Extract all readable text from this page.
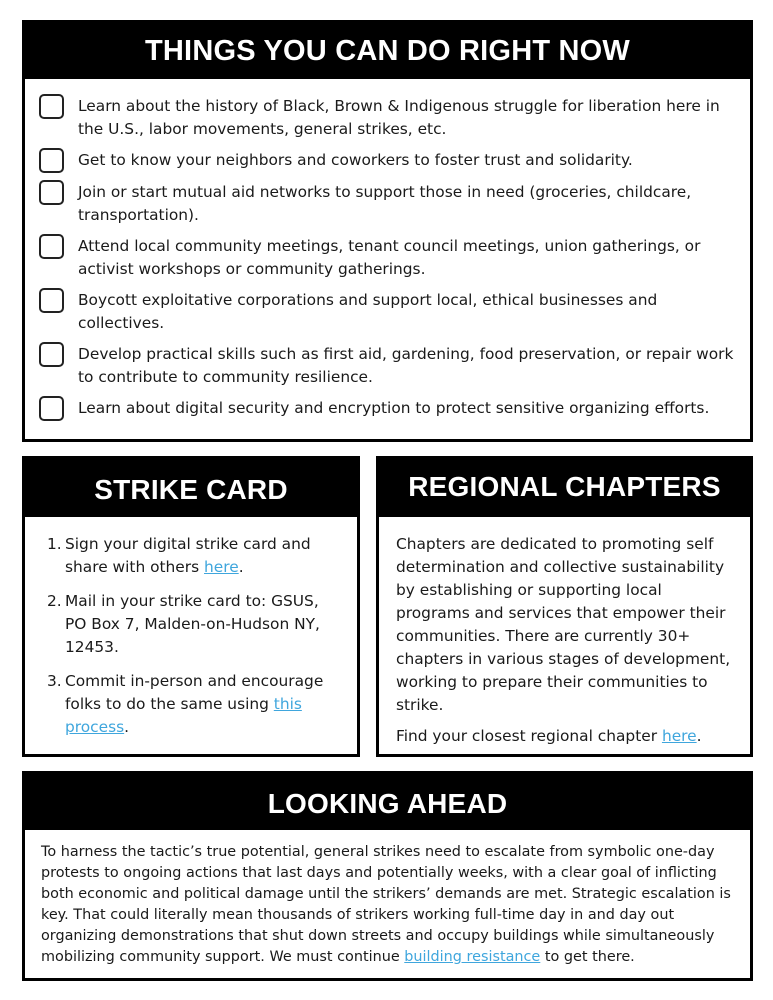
THINGS YOU CAN DO RIGHT NOW
Learn about the history of Black, Brown & Indigenous struggle for liberation here in the U.S., labor movements, general strikes, etc.
Get to know your neighbors and coworkers to foster trust and solidarity.
Join or start mutual aid networks to support those in need (groceries, childcare, transportation).
Attend local community meetings, tenant council meetings, union gatherings, or activist workshops or community gatherings.
Boycott exploitative corporations and support local, ethical businesses and collectives.
Develop practical skills such as first aid, gardening, food preservation, or repair work to contribute to community resilience.
Learn about digital security and encryption to protect sensitive organizing efforts.
STRIKE CARD
1. Sign your digital strike card and share with others here.
2. Mail in your strike card to: GSUS, PO Box 7, Malden-on-Hudson NY, 12453.
3. Commit in-person and encourage folks to do the same using this process.
REGIONAL CHAPTERS

Chapters are dedicated to promoting self determination and collective sustainability by establishing or supporting local programs and services that empower their communities. There are currently 30+ chapters in various stages of development, working to prepare their communities to strike.

Find your closest regional chapter here.

LOOKING AHEAD

To harness the tactic’s true potential, general strikes need to escalate from symbolic one-day protests to ongoing actions that last days and potentially weeks, with a clear goal of inflicting both economic and political damage until the strikers’ demands are met. Strategic escalation is key. That could literally mean thousands of strikers working full-time day in and day out organizing demonstrations that shut down streets and occupy buildings while simultaneously mobilizing community support. We must continue building resistance to get there.
